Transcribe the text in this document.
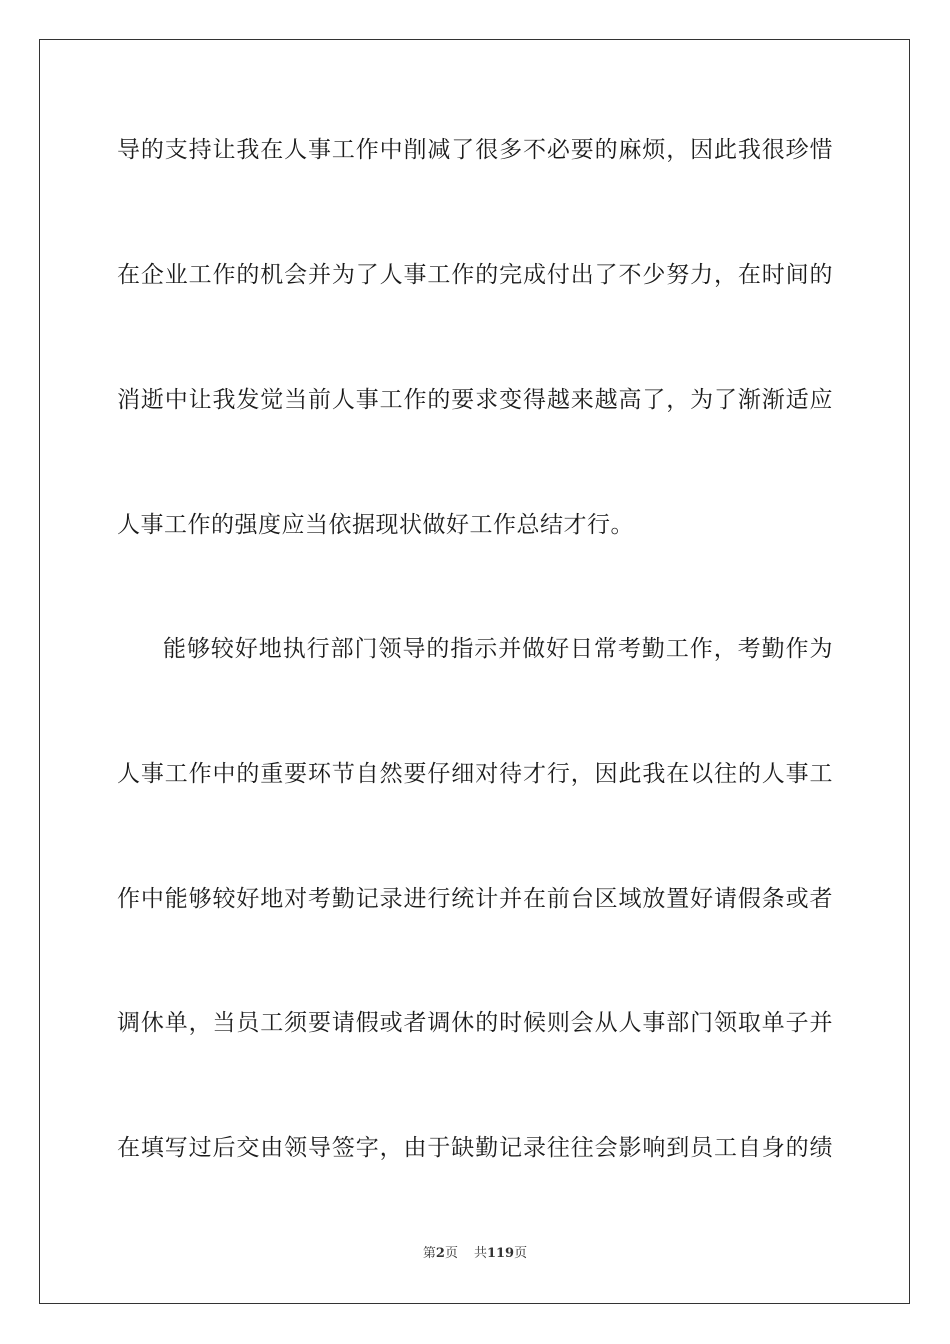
导的支持让我在人事工作中削减了很多不必要的麻烦，因此我很珍惜
在企业工作的机会并为了人事工作的完成付出了不少努力，在时间的
消逝中让我发觉当前人事工作的要求变得越来越高了，为了渐渐适应
人事工作的强度应当依据现状做好工作总结才行。
能够较好地执行部门领导的指示并做好日常考勤工作，考勤作为
人事工作中的重要环节自然要仔细对待才行，因此我在以往的人事工
作中能够较好地对考勤记录进行统计并在前台区域放置好请假条或者
调休单，当员工须要请假或者调休的时候则会从人事部门领取单子并
在填写过后交由领导签字，由于缺勤记录往往会影响到员工自身的绩
第2页 共119页
